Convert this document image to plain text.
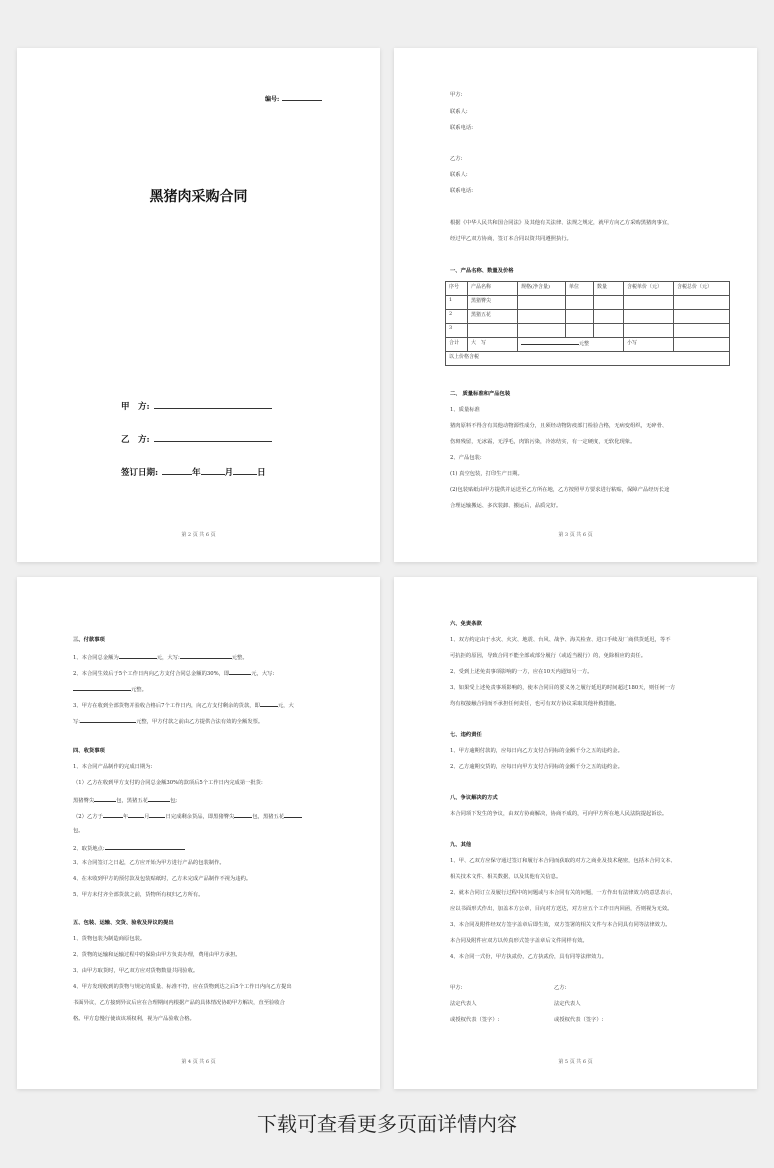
编号:
黑猪肉采购合同
甲　方:
乙　方:
签订日期:	年	月	日
第 2 页 共 6 页
甲方:
联系人:
联系电话:
乙方:
联系人:
联系电话:
根据《中华人民共和国合同法》及其他有关法律、法规之规定，就甲方向乙方采购黑猪肉事宜，
经过甲乙双方协商，签订本合同以资共同遵照执行。
一、产品名称、数量及价格
序号	产品名称	规格(净含量)	单位	数量	含税单价（元）	含税总价（元）
1	黑猪臀尖					
2	黑猪五花					
3						
合计	大　写	元整			小写	
以上价格含税						
二、 质量标准和产品包装
1、质量标准
猪肉原料不得含有其他动物源性成分，且须经动物防疫部门检验合格，无病变组织，无碎骨、
伤斑残留，无冰霜，无浮毛，肉馅污染，冷冻结实，有一定硬度，无软化现象。
2、产品包装:
(1) 真空包装，打印生产日期。
(2)包装贴纸由甲方提供并运送至乙方所在地，乙方按照甲方要求进行粘贴，保障产品经历长途
合理运输搬运、多次装卸、搬运后，品质完好。
第 3 页 共 6 页
三、付款事项
1、本合同总金额为	元，大写:	元整。
2、本合同生效后于5个工作日内向乙方支付合同总金额的30%，即	元，大写:
元整。
3、甲方在收到全部货物并验收合格后7个工作日内，向乙方支付剩余的货款，即	元，大
写:	元整，甲方付款之前由乙方提供合法有效的全额发票。
四、收货事项
1、本合同产品制作的完成日期为:
（1）乙方在收到甲方支付的合同总金额30%的款项后5个工作日内完成第一批货:
黑猪臀尖	包，黑猪五花	包;
（2）乙方于	年	月	日完成剩余货品，即黑猪臀尖	包，黑猪五花
包。
2、取货地点:
3、本合同签订之日起，乙方应开始为甲方进行产品的包装制作。
4、在未收到甲方的预付款及包装贴纸时，乙方未完成产品制作不视为违约。
5、甲方未付齐全部货款之前，货物所有权归乙方所有。
五、包装、运输、交货、验收及异议的提出
1、货物包装为制造商原包装。
2、货物的运输和运输过程中的保险由甲方负责办理，费用由甲方承担。
3、由甲方取货时，甲乙双方应对货物数量共同验收。
4、甲方发现收到的货物与规定的质量、标准不符，应在货物到达之后5个工作日内向乙方提出
书面异议，乙方接到异议后应在合理期间内根据产品的具体情况协助甲方解决，直至验收合
格。甲方怠慢行使该该项权利，视为产品验收合格。
第 4 页 共 6 页
六、免责条款
1、双方约定由于水灾、火灾、地震、台风、战争、海关检查、进口手续及厂商供货延迟，等不
可抗拒的原因，导致合同不能全部或部分履行（或适当履行）的，免除相应的责任。
2、受到上述免责事项影响的一方，应在10天内通知另一方。
3、如果受上述免责事项影响的，使本合同目的要义务之履行延迟的时间超过180天，则任何一方
均有权接触合同而不承担任何责任，也可有双方协议采取其他补救措施。
七、违约责任
1、甲方逾期付款的，应每日向乙方支付合同标的金额千分之五的违约金。
2、乙方逾期交货的，应每日向甲方支付合同标的金额千分之五的违约金。
八、争议解决的方式
本合同项下发生的争议，由双方协商解决，协商不成的，可向甲方所在地人民法院提起诉讼。
九、其他
1、甲、乙双方应保守通过签订和履行本合同而获取的对方之商业及技术秘密，包括本合同文本、
相关技术文件、相关数据，以及其他有关信息。
2、就本合同订立及履行过程中的问题或与本合同有关的问题，一方作出有法律效力的意思表示，
应以书面形式作出，加盖本方公章，目向对方送达，对方应五个工作日内回函，否则视为无效。
3、本合同及附件经双方签字盖章后即生效，双方签署的相关文件与本合同具有同等法律效力。
本合同及附件应双方以传真形式签字盖章后文件同样有效。
4、本合同一式份，甲方执贰份，乙方执贰份，具有同等法律效力。
甲方:	乙方:
法定代表人	法定代表人
或授权代表（签字）:	或授权代表（签字）:
第 5 页 共 6 页
下载可查看更多页面详情内容
